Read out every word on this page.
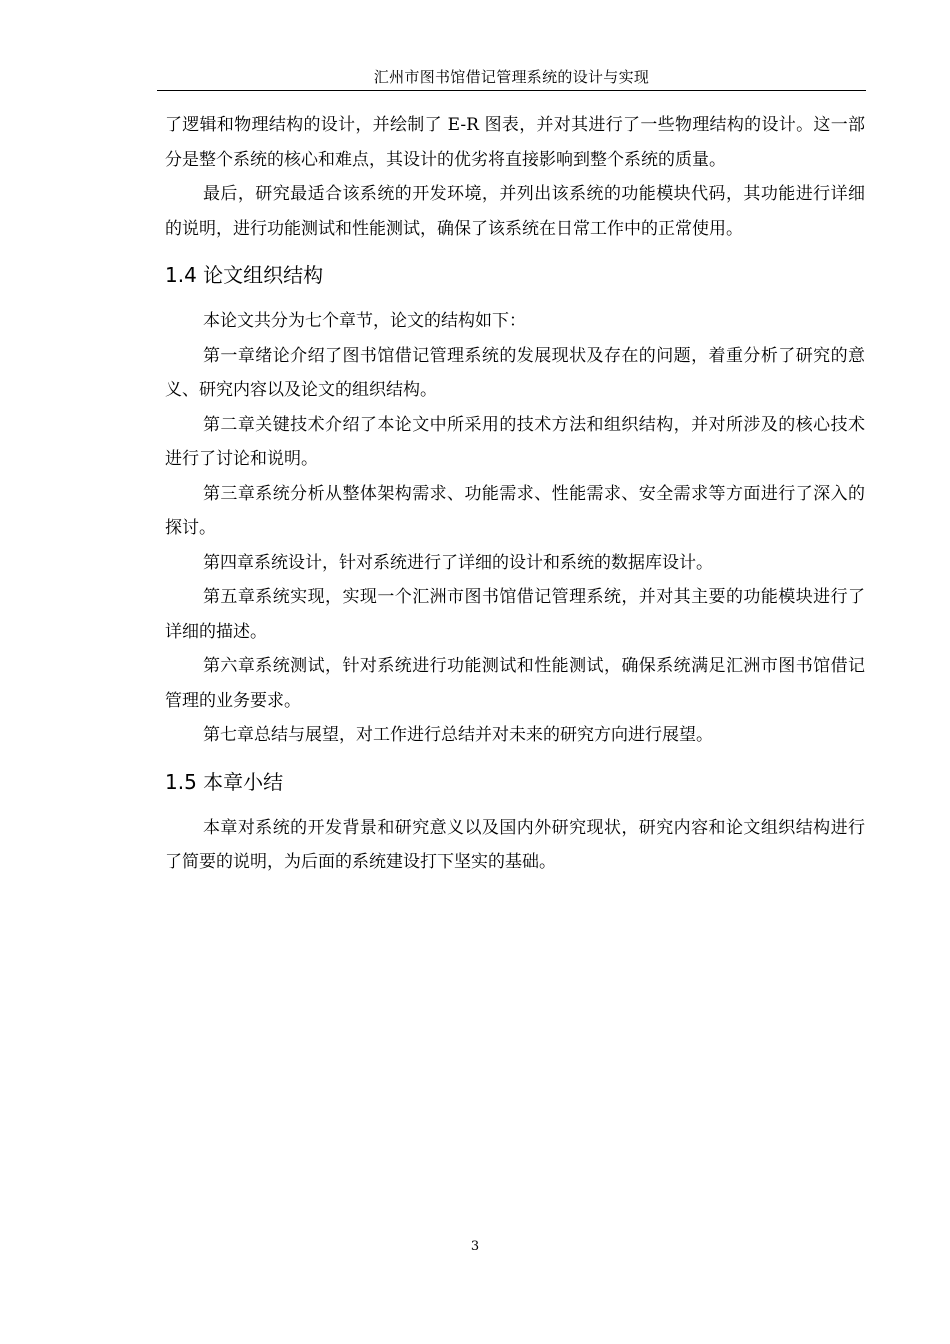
汇州市图书馆借记管理系统的设计与实现

了逻辑和物理结构的设计，并绘制了 E-R 图表，并对其进行了一些物理结构的设计。这一部分是整个系统的核心和难点，其设计的优劣将直接影响到整个系统的质量。

最后，研究最适合该系统的开发环境，并列出该系统的功能模块代码，其功能进行详细的说明，进行功能测试和性能测试，确保了该系统在日常工作中的正常使用。

1.4 论文组织结构

本论文共分为七个章节，论文的结构如下：

第一章绪论介绍了图书馆借记管理系统的发展现状及存在的问题，着重分析了研究的意义、研究内容以及论文的组织结构。

第二章关键技术介绍了本论文中所采用的技术方法和组织结构，并对所涉及的核心技术进行了讨论和说明。

第三章系统分析从整体架构需求、功能需求、性能需求、安全需求等方面进行了深入的探讨。

第四章系统设计，针对系统进行了详细的设计和系统的数据库设计。

第五章系统实现，实现一个汇洲市图书馆借记管理系统，并对其主要的功能模块进行了详细的描述。

第六章系统测试，针对系统进行功能测试和性能测试，确保系统满足汇洲市图书馆借记管理的业务要求。

第七章总结与展望，对工作进行总结并对未来的研究方向进行展望。

1.5 本章小结

本章对系统的开发背景和研究意义以及国内外研究现状，研究内容和论文组织结构进行了简要的说明，为后面的系统建设打下坚实的基础。

3
